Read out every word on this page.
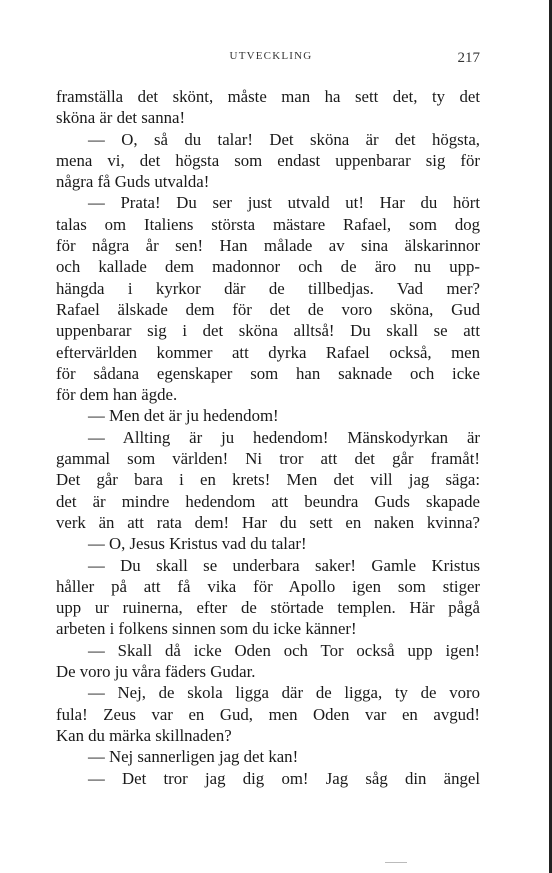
UTVECKLING	217
framställa det skönt, måste man ha sett det, ty det
sköna är det sanna!
— O, så du talar! Det sköna är det högsta,
mena vi, det högsta som endast uppenbarar sig för
några få Guds utvalda!
— Prata! Du ser just utvald ut! Har du hört
talas om Italiens största mästare Rafael, som dog
för några år sen! Han målade av sina älskarinnor
och kallade dem madonnor och de äro nu upp-
hängda i kyrkor där de tillbedjas. Vad mer?
Rafael älskade dem för det de voro sköna, Gud
uppenbarar sig i det sköna alltså! Du skall se att
eftervärlden kommer att dyrka Rafael också, men
för sådana egenskaper som han saknade och icke
för dem han ägde.
— Men det är ju hedendom!
— Allting är ju hedendom! Mänskodyrkan är
gammal som världen! Ni tror att det går framåt!
Det går bara i en krets! Men det vill jag säga:
det är mindre hedendom att beundra Guds skapade
verk än att rata dem! Har du sett en naken kvinna?
— O, Jesus Kristus vad du talar!
— Du skall se underbara saker! Gamle Kristus
håller på att få vika för Apollo igen som stiger
upp ur ruinerna, efter de störtade templen. Här pågå
arbeten i folkens sinnen som du icke känner!
— Skall då icke Oden och Tor också upp igen!
De voro ju våra fäders Gudar.
— Nej, de skola ligga där de ligga, ty de voro
fula! Zeus var en Gud, men Oden var en avgud!
Kan du märka skillnaden?
— Nej sannerligen jag det kan!
— Det tror jag dig om! Jag såg din ängel
